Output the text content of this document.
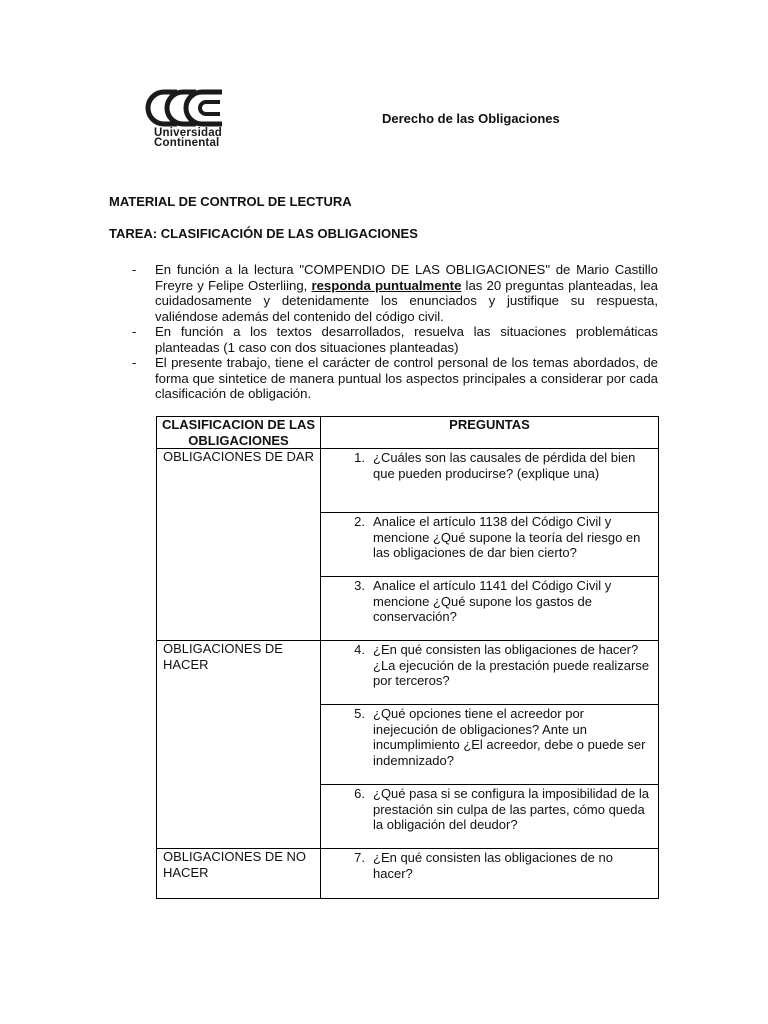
Universidad
Continental
Derecho de las Obligaciones
MATERIAL DE CONTROL DE LECTURA
TAREA: CLASIFICACIÓN DE LAS OBLIGACIONES
- En función a la lectura "COMPENDIO DE LAS OBLIGACIONES" de Mario Castillo Freyre y Felipe Osterliing, responda puntualmente las 20 preguntas planteadas, lea cuidadosamente y detenidamente los enunciados y justifique su respuesta, valiéndose además del contenido del código civil.
- En función a los textos desarrollados, resuelva las situaciones problemáticas planteadas (1 caso con dos situaciones planteadas)
- El presente trabajo, tiene el carácter de control personal de los temas abordados, de forma que sintetice de manera puntual los aspectos principales a considerar por cada clasificación de obligación.
CLASIFICACION DE LAS OBLIGACIONES	PREGUNTAS
OBLIGACIONES DE DAR	1. ¿Cuáles son las causales de pérdida del bien que pueden producirse? (explique una)

	2. Analice el artículo 1138 del Código Civil y mencione ¿Qué supone la teoría del riesgo en las obligaciones de dar bien cierto?

	3. Analice el artículo 1141 del Código Civil y mencione ¿Qué supone los gastos de conservación?

OBLIGACIONES DE HACER	4. ¿En qué consisten las obligaciones de hacer?¿La ejecución de la prestación puede realizarse por terceros?

	5. ¿Qué opciones tiene el acreedor por inejecución de obligaciones? Ante un incumplimiento ¿El acreedor, debe o puede ser indemnizado?

	6. ¿Qué pasa si se configura la imposibilidad de la prestación sin culpa de las partes, cómo queda la obligación del deudor?

OBLIGACIONES DE NO HACER	7. ¿En qué consisten las obligaciones de no hacer?
